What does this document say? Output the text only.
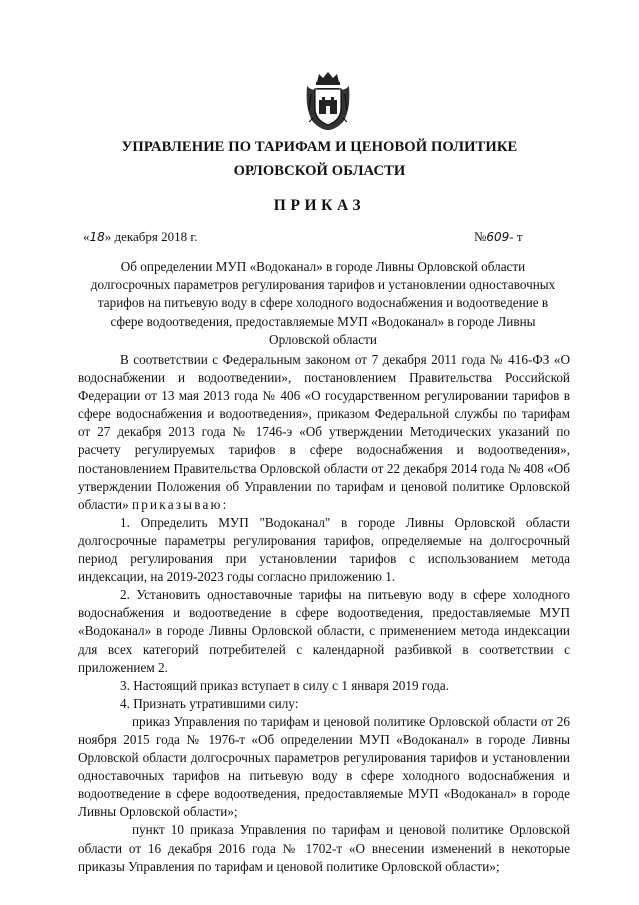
УПРАВЛЕНИЕ ПО ТАРИФАМ И ЦЕНОВОЙ ПОЛИТИКЕ
ОРЛОВСКОЙ ОБЛАСТИ
ПРИКАЗ
«18» декабря 2018 г.	№609- т
Об определении МУП «Водоканал» в городе Ливны Орловской области
долгосрочных параметров регулирования тарифов и установлении одноставочных
тарифов на питьевую воду в сфере холодного водоснабжения и водоотведение в
сфере водоотведения, предоставляемые МУП «Водоканал» в городе Ливны
Орловской области

В соответствии с Федеральным законом от 7 декабря 2011 года № 416-ФЗ «О водоснабжении и водоотведении», постановлением Правительства Российской Федерации от 13 мая 2013 года № 406 «О государственном регулировании тарифов в сфере водоснабжения и водоотведения», приказом Федеральной службы по тарифам от 27 декабря 2013 года № 1746-э «Об утверждении Методических указаний по расчету регулируемых тарифов в сфере водоснабжения и водоотведения», постановлением Правительства Орловской области от 22 декабря 2014 года № 408 «Об утверждении Положения об Управлении по тарифам и ценовой политике Орловской области» приказываю:

1. Определить МУП "Водоканал" в городе Ливны Орловской области долгосрочные параметры регулирования тарифов, определяемые на долгосрочный период регулирования при установлении тарифов с использованием метода индексации, на 2019-2023 годы согласно приложению 1.

2. Установить одноставочные тарифы на питьевую воду в сфере холодного водоснабжения и водоотведение в сфере водоотведения, предоставляемые МУП «Водоканал» в городе Ливны Орловской области, с применением метода индексации для всех категорий потребителей с календарной разбивкой в соответствии с приложением 2.

3. Настоящий приказ вступает в силу с 1 января 2019 года.

4. Признать утратившими силу:

приказ Управления по тарифам и ценовой политике Орловской области от 26 ноября 2015 года № 1976-т «Об определении МУП «Водоканал» в городе Ливны Орловской области долгосрочных параметров регулирования тарифов и установлении одноставочных тарифов на питьевую воду в сфере холодного водоснабжения и водоотведение в сфере водоотведения, предоставляемые МУП «Водоканал» в городе Ливны Орловской области»;

пункт 10 приказа Управления по тарифам и ценовой политике Орловской области от 16 декабря 2016 года № 1702-т «О внесении изменений в некоторые приказы Управления по тарифам и ценовой политике Орловской области»;
